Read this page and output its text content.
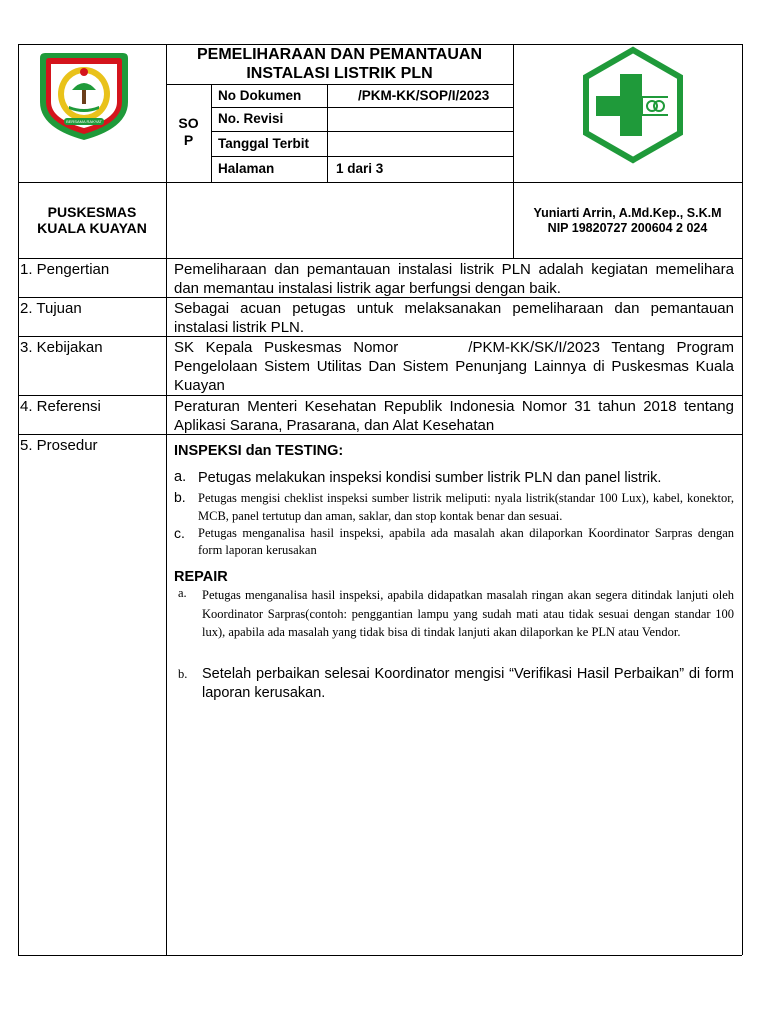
BERSAMA RAKYAT
PEMELIHARAAN DAN PEMANTAUAN
INSTALASI LISTRIK PLN
SO
P
No Dokumen	/PKM-KK/SOP/I/2023
No. Revisi
Tanggal Terbit
Halaman	1 dari 3
PUSKESMAS
KUALA KUAYAN
Yuniarti Arrin, A.Md.Kep., S.K.M
NIP 19820727 200604 2 024
1. Pengertian	Pemeliharaan dan pemantauan instalasi listrik PLN adalah kegiatan memelihara dan memantau instalasi listrik agar berfungsi dengan baik.
2. Tujuan	Sebagai acuan petugas untuk melaksanakan pemeliharaan dan pemantauan instalasi listrik PLN.
3. Kebijakan	SK Kepala Puskesmas Nomor      /PKM-KK/SK/I/2023 Tentang Program Pengelolaan Sistem Utilitas Dan Sistem Penunjang Lainnya di Puskesmas Kuala Kuayan
4. Referensi	Peraturan Menteri Kesehatan Republik Indonesia Nomor 31 tahun 2018 tentang Aplikasi Sarana, Prasarana, dan Alat Kesehatan
5. Prosedur	INSPEKSI dan TESTING:
a. Petugas melakukan inspeksi kondisi sumber listrik PLN dan panel listrik.
b. Petugas mengisi cheklist inspeksi sumber listrik meliputi: nyala listrik(standar 100 Lux), kabel, konektor, MCB, panel tertutup dan aman, saklar, dan stop kontak benar dan sesuai.
c. Petugas menganalisa hasil inspeksi, apabila ada masalah akan dilaporkan Koordinator Sarpras dengan form laporan kerusakan
REPAIR
a. Petugas menganalisa hasil inspeksi, apabila didapatkan masalah ringan akan segera ditindak lanjuti oleh Koordinator Sarpras(contoh: penggantian lampu yang sudah mati atau tidak sesuai dengan standar 100 lux), apabila ada masalah yang tidak bisa di tindak lanjuti akan dilaporkan ke PLN atau Vendor.
b. Setelah perbaikan selesai Koordinator mengisi “Verifikasi Hasil Perbaikan” di form laporan kerusakan.
